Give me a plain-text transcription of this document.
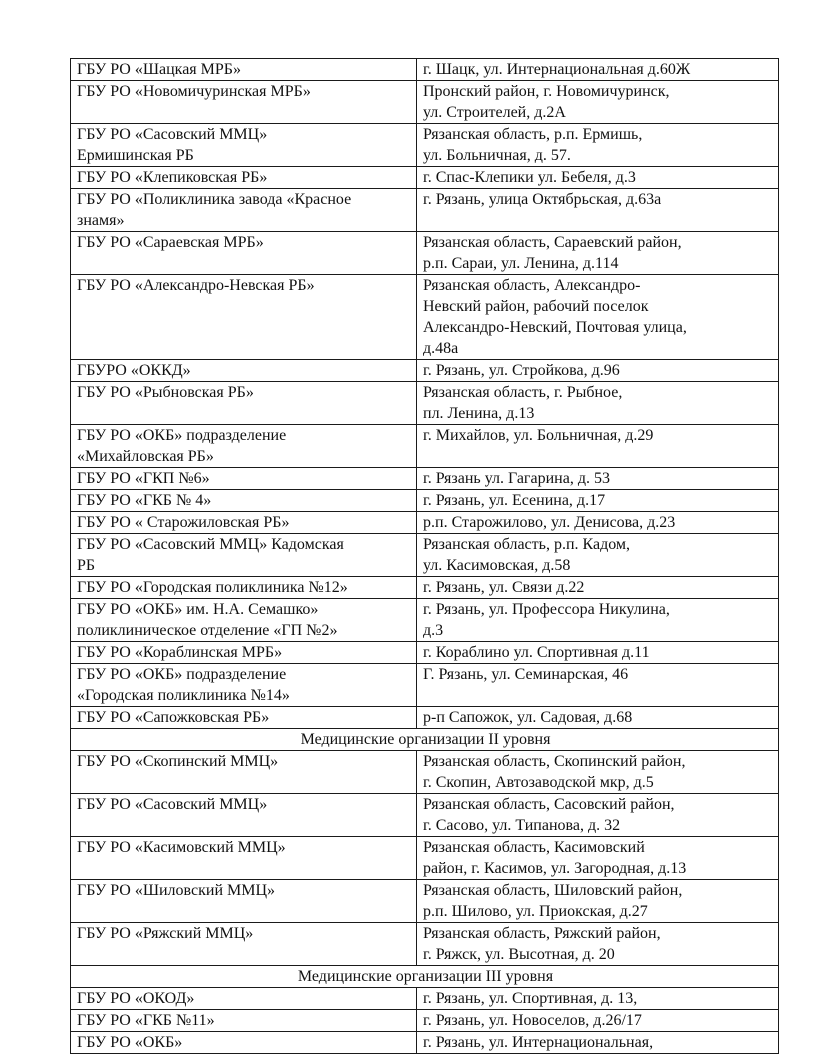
ГБУ РО «Шацкая МРБ»	г. Шацк, ул. Интернациональная д.60Ж

ГБУ РО «Новомичуринская МРБ»	Пронский район, г. Новомичуринск,
ул. Строителей, д.2А

ГБУ РО «Сасовский ММЦ»
Ермишинская РБ	Рязанская область, р.п. Ермишь,
ул. Больничная, д. 57.

ГБУ РО «Клепиковская РБ»	г. Спас-Клепики ул. Бебеля, д.3

ГБУ РО «Поликлиника завода «Красное
знамя»	г. Рязань, улица Октябрьская, д.63а

ГБУ РО «Сараевская МРБ»	Рязанская область, Сараевский район,
р.п. Сараи, ул. Ленина, д.114

ГБУ РО «Александро-Невская РБ»	Рязанская область, Александро-
Невский район, рабочий поселок
Александро-Невский, Почтовая улица,
д.48а

ГБУРО «ОККД»	г. Рязань, ул. Стройкова, д.96

ГБУ РО «Рыбновская РБ»	Рязанская область, г. Рыбное,
пл. Ленина, д.13

ГБУ РО «ОКБ» подразделение
«Михайловская РБ»	г. Михайлов, ул. Больничная, д.29

ГБУ РО «ГКП №6»	г. Рязань ул. Гагарина, д. 53

ГБУ РО «ГКБ № 4»	г. Рязань, ул. Есенина, д.17

ГБУ РО « Старожиловская РБ»	р.п. Старожилово, ул. Денисова, д.23

ГБУ РО «Сасовский ММЦ» Кадомская
РБ	Рязанская область, р.п. Кадом,
ул. Касимовская, д.58

ГБУ РО «Городская поликлиника №12»	г. Рязань, ул. Связи д.22

ГБУ РО «ОКБ» им. Н.А. Семашко»
поликлиническое отделение «ГП №2»	г. Рязань, ул. Профессора Никулина,
д.3

ГБУ РО «Кораблинская МРБ»	г. Кораблино ул. Спортивная д.11

ГБУ РО «ОКБ» подразделение
«Городская поликлиника №14»	Г. Рязань, ул. Семинарская, 46

ГБУ РО «Сапожковская РБ»	р-п Сапожок, ул. Садовая, д.68

Медицинские организации II уровня	

ГБУ РО «Скопинский ММЦ»	Рязанская область, Скопинский район,
г. Скопин, Автозаводской мкр, д.5

ГБУ РО «Сасовский ММЦ»	Рязанская область, Сасовский район,
г. Сасово, ул. Типанова, д. 32

ГБУ РО «Касимовский ММЦ»	Рязанская область, Касимовский
район, г. Касимов, ул. Загородная, д.13

ГБУ РО «Шиловский ММЦ»	Рязанская область, Шиловский район,
р.п. Шилово, ул. Приокская, д.27

ГБУ РО «Ряжский ММЦ»	Рязанская область, Ряжский район,
г. Ряжск, ул. Высотная, д. 20

Медицинские организации III уровня	

ГБУ РО «ОКОД»	г. Рязань, ул. Спортивная, д. 13,

ГБУ РО «ГКБ №11»	г. Рязань, ул. Новоселов, д.26/17

ГБУ РО «ОКБ»	г. Рязань, ул. Интернациональная,
